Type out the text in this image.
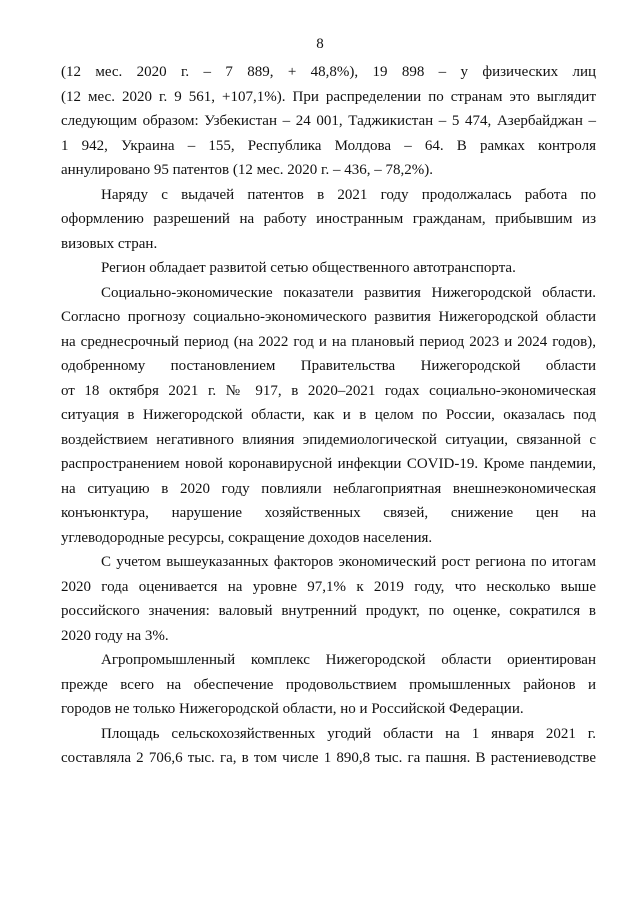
8
(12 мес. 2020 г. – 7 889, + 48,8%), 19 898 – у физических лиц
(12 мес. 2020 г. 9 561, +107,1%). При распределении по странам это выглядит
следующим образом: Узбекистан – 24 001, Таджикистан – 5 474, Азербайджан –
1 942, Украина – 155, Республика Молдова – 64. В рамках контроля
аннулировано 95 патентов (12 мес. 2020 г. – 436, – 78,2%).
Наряду с выдачей патентов в 2021 году продолжалась работа по
оформлению разрешений на работу иностранным гражданам, прибывшим из
визовых стран.
Регион обладает развитой сетью общественного автотранспорта.
Социально-экономические показатели развития Нижегородской области.
Согласно прогнозу социально-экономического развития Нижегородской области
на среднесрочный период (на 2022 год и на плановый период 2023 и 2024 годов),
одобренному постановлением Правительства Нижегородской области
от 18 октября 2021 г. № 917, в 2020–2021 годах социально-экономическая
ситуация в Нижегородской области, как и в целом по России, оказалась под
воздействием негативного влияния эпидемиологической ситуации, связанной с
распространением новой коронавирусной инфекции COVID-19. Кроме пандемии,
на ситуацию в 2020 году повлияли неблагоприятная внешнеэкономическая
конъюнктура, нарушение хозяйственных связей, снижение цен на
углеводородные ресурсы, сокращение доходов населения.
С учетом вышеуказанных факторов экономический рост региона по итогам
2020 года оценивается на уровне 97,1% к 2019 году, что несколько выше
российского значения: валовый внутренний продукт, по оценке, сократился в
2020 году на 3%.
Агропромышленный комплекс Нижегородской области ориентирован
прежде всего на обеспечение продовольствием промышленных районов и
городов не только Нижегородской области, но и Российской Федерации.
Площадь сельскохозяйственных угодий области на 1 января 2021 г.
составляла 2 706,6 тыс. га, в том числе 1 890,8 тыс. га пашня. В растениеводстве
